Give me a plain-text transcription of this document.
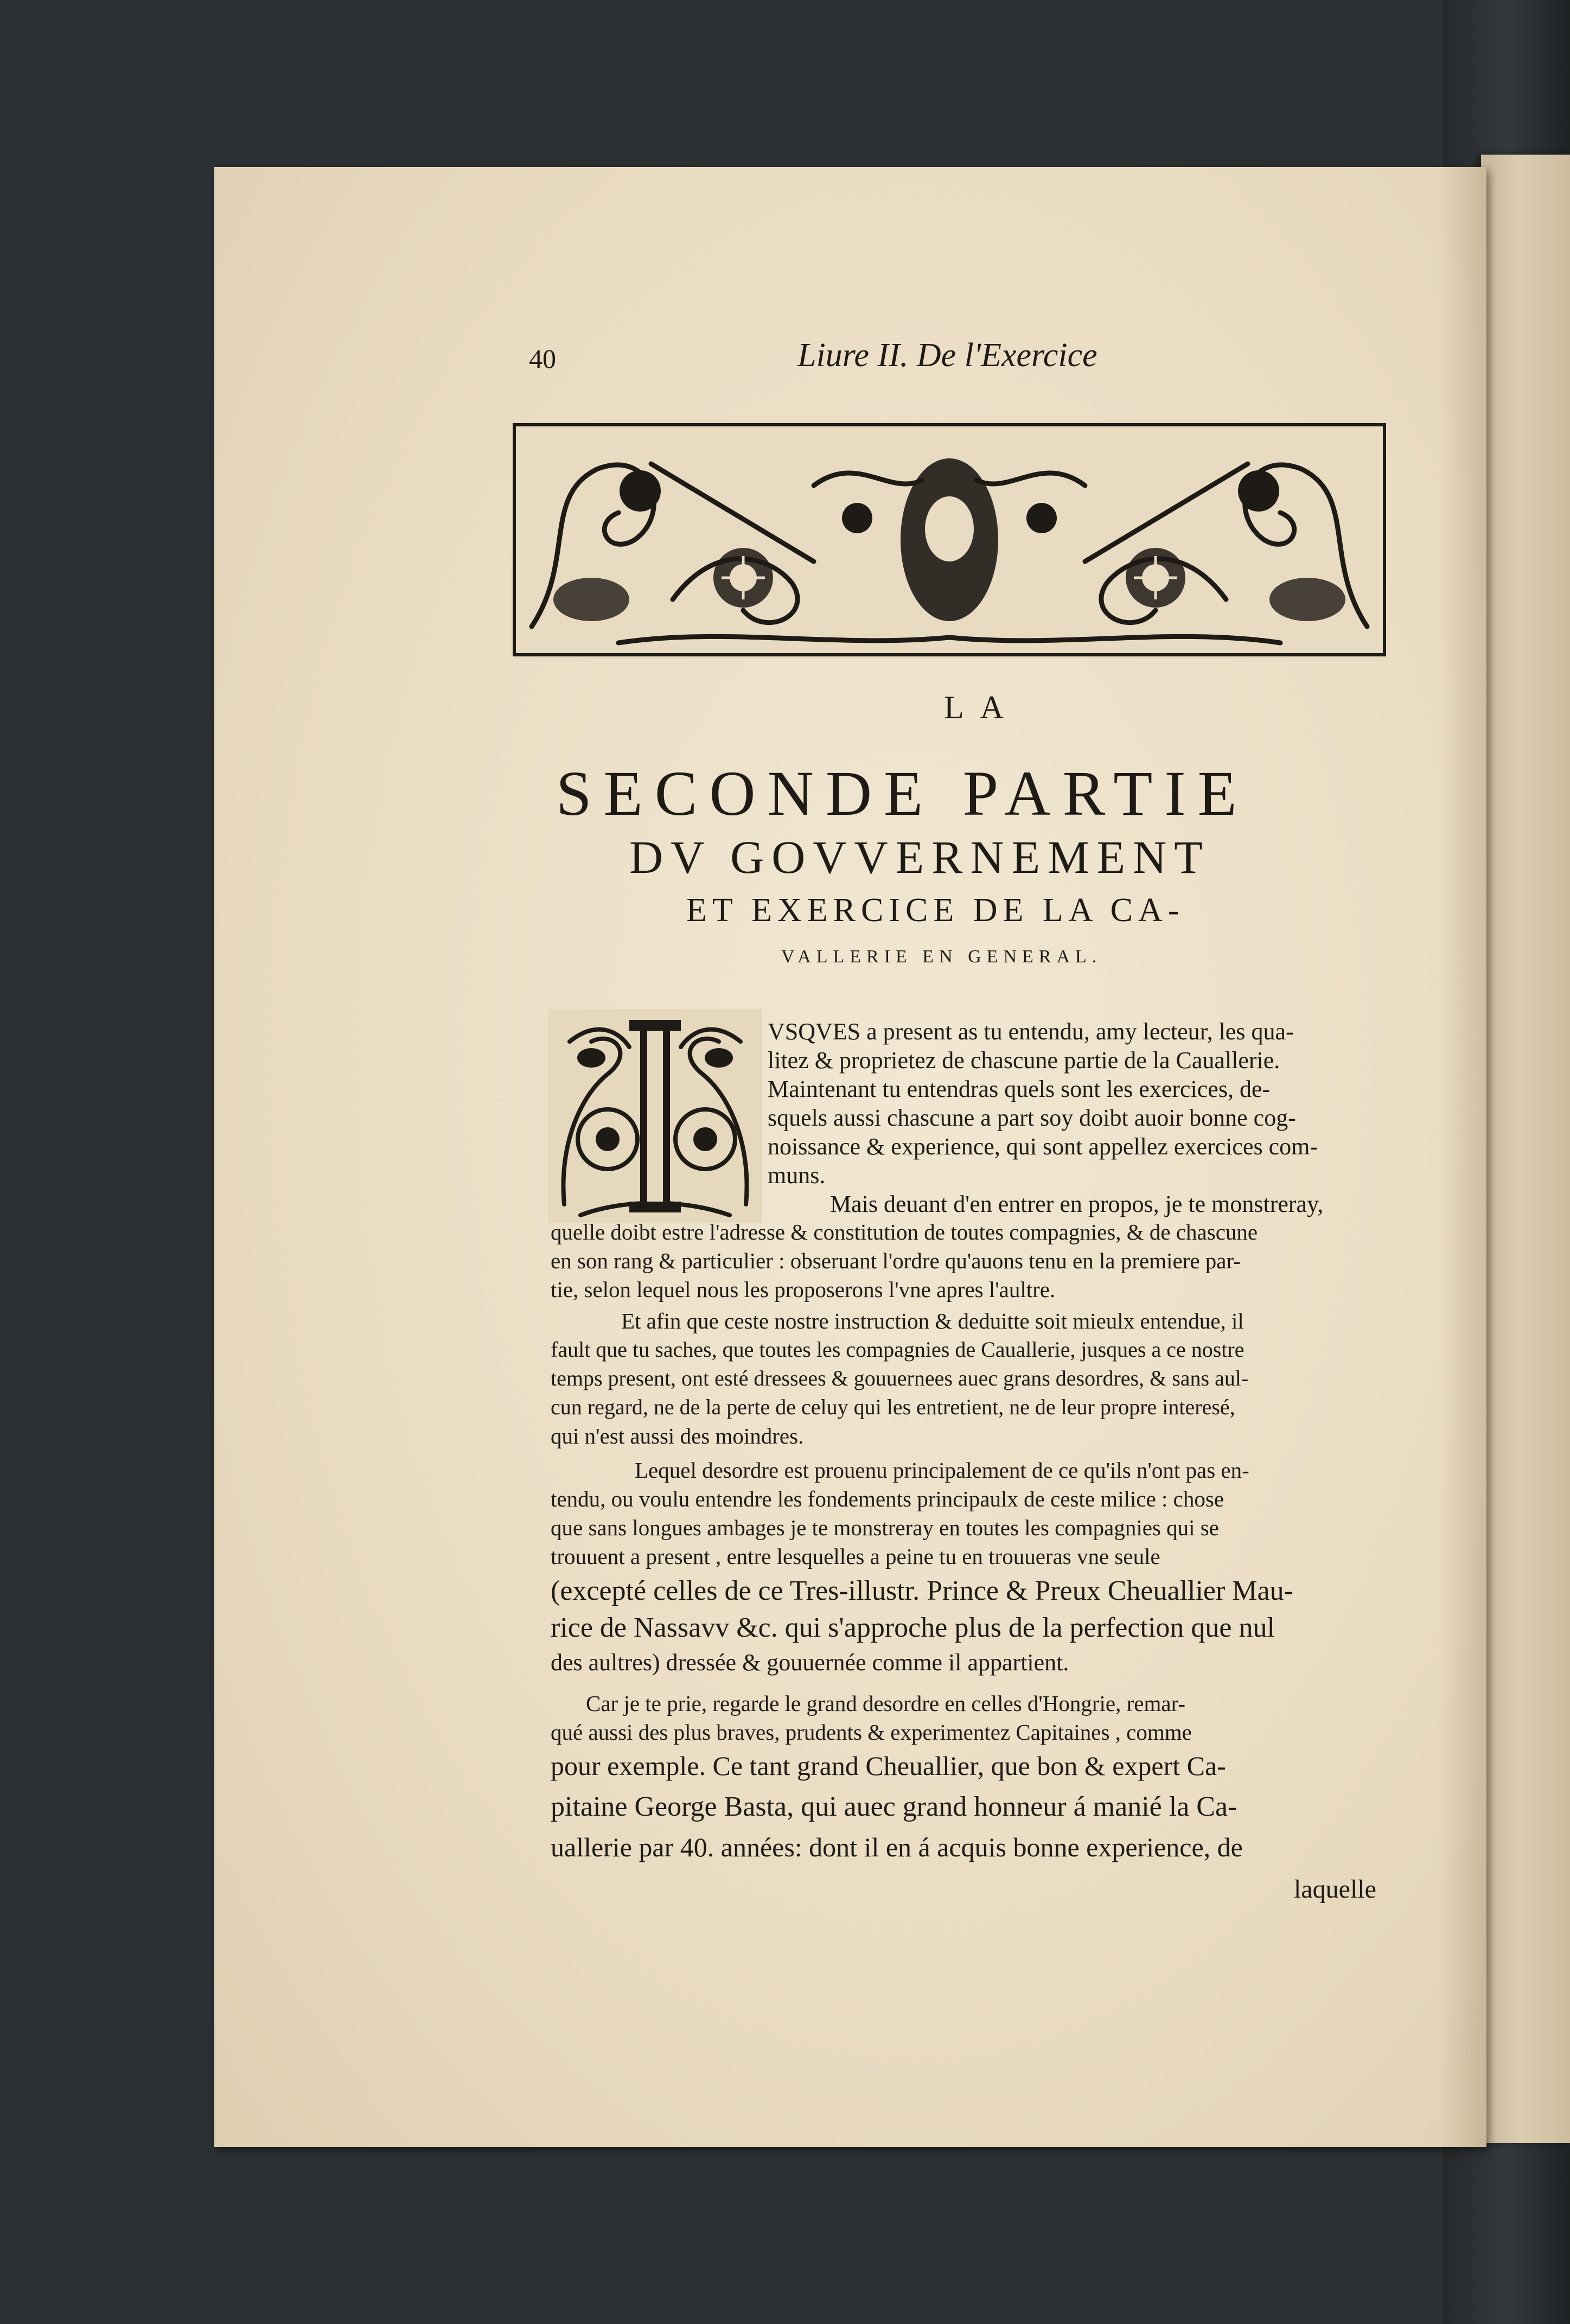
40	Liure II. De l'Exercice
LA
SECONDE PARTIE
DV GOVVERNEMENT
ET EXERCICE DE LA CA-
VALLERIE EN GENERAL.
VSQVES a present as tu entendu, amy lecteur, les qua-
litez & proprietez de chascune partie de la Cauallerie.
Maintenant tu entendras quels sont les exercices, de-
squels aussi chascune a part soy doibt auoir bonne cog-
noissance & experience, qui sont appellez exercices com-
muns.
Mais deuant d'en entrer en propos, je te monstreray,
quelle doibt estre l'adresse & constitution de toutes compagnies, & de chascune
en son rang & particulier : obseruant l'ordre qu'auons tenu en la premiere par-
tie, selon lequel nous les proposerons l'vne apres l'aultre.
Et afin que ceste nostre instruction & deduitte soit mieulx entendue, il
fault que tu saches, que toutes les compagnies de Cauallerie, jusques a ce nostre
temps present, ont esté dressees & gouuernees auec grans desordres, & sans aul-
cun regard, ne de la perte de celuy qui les entretient, ne de leur propre interesé,
qui n'est aussi des moindres.
Lequel desordre est prouenu principalement de ce qu'ils n'ont pas en-
tendu, ou voulu entendre les fondements principaulx de ceste milice : chose
que sans longues ambages je te monstreray en toutes les compagnies qui se
trouuent a present , entre lesquelles a peine tu en trouueras vne seule
(excepté celles de ce Tres-illustr. Prince & Preux Cheuallier Mau-
rice de Nassavv &c. qui s'approche plus de la perfection que nul
des aultres) dressée & gouuernée comme il appartient.
Car je te prie, regarde le grand desordre en celles d'Hongrie, remar-
qué aussi des plus braves, prudents & experimentez Capitaines , comme
pour exemple. Ce tant grand Cheuallier, que bon & expert Ca-
pitaine George Basta, qui auec grand honneur á manié la Ca-
uallerie par 40. années: dont il en á acquis bonne experience, de
laquelle
